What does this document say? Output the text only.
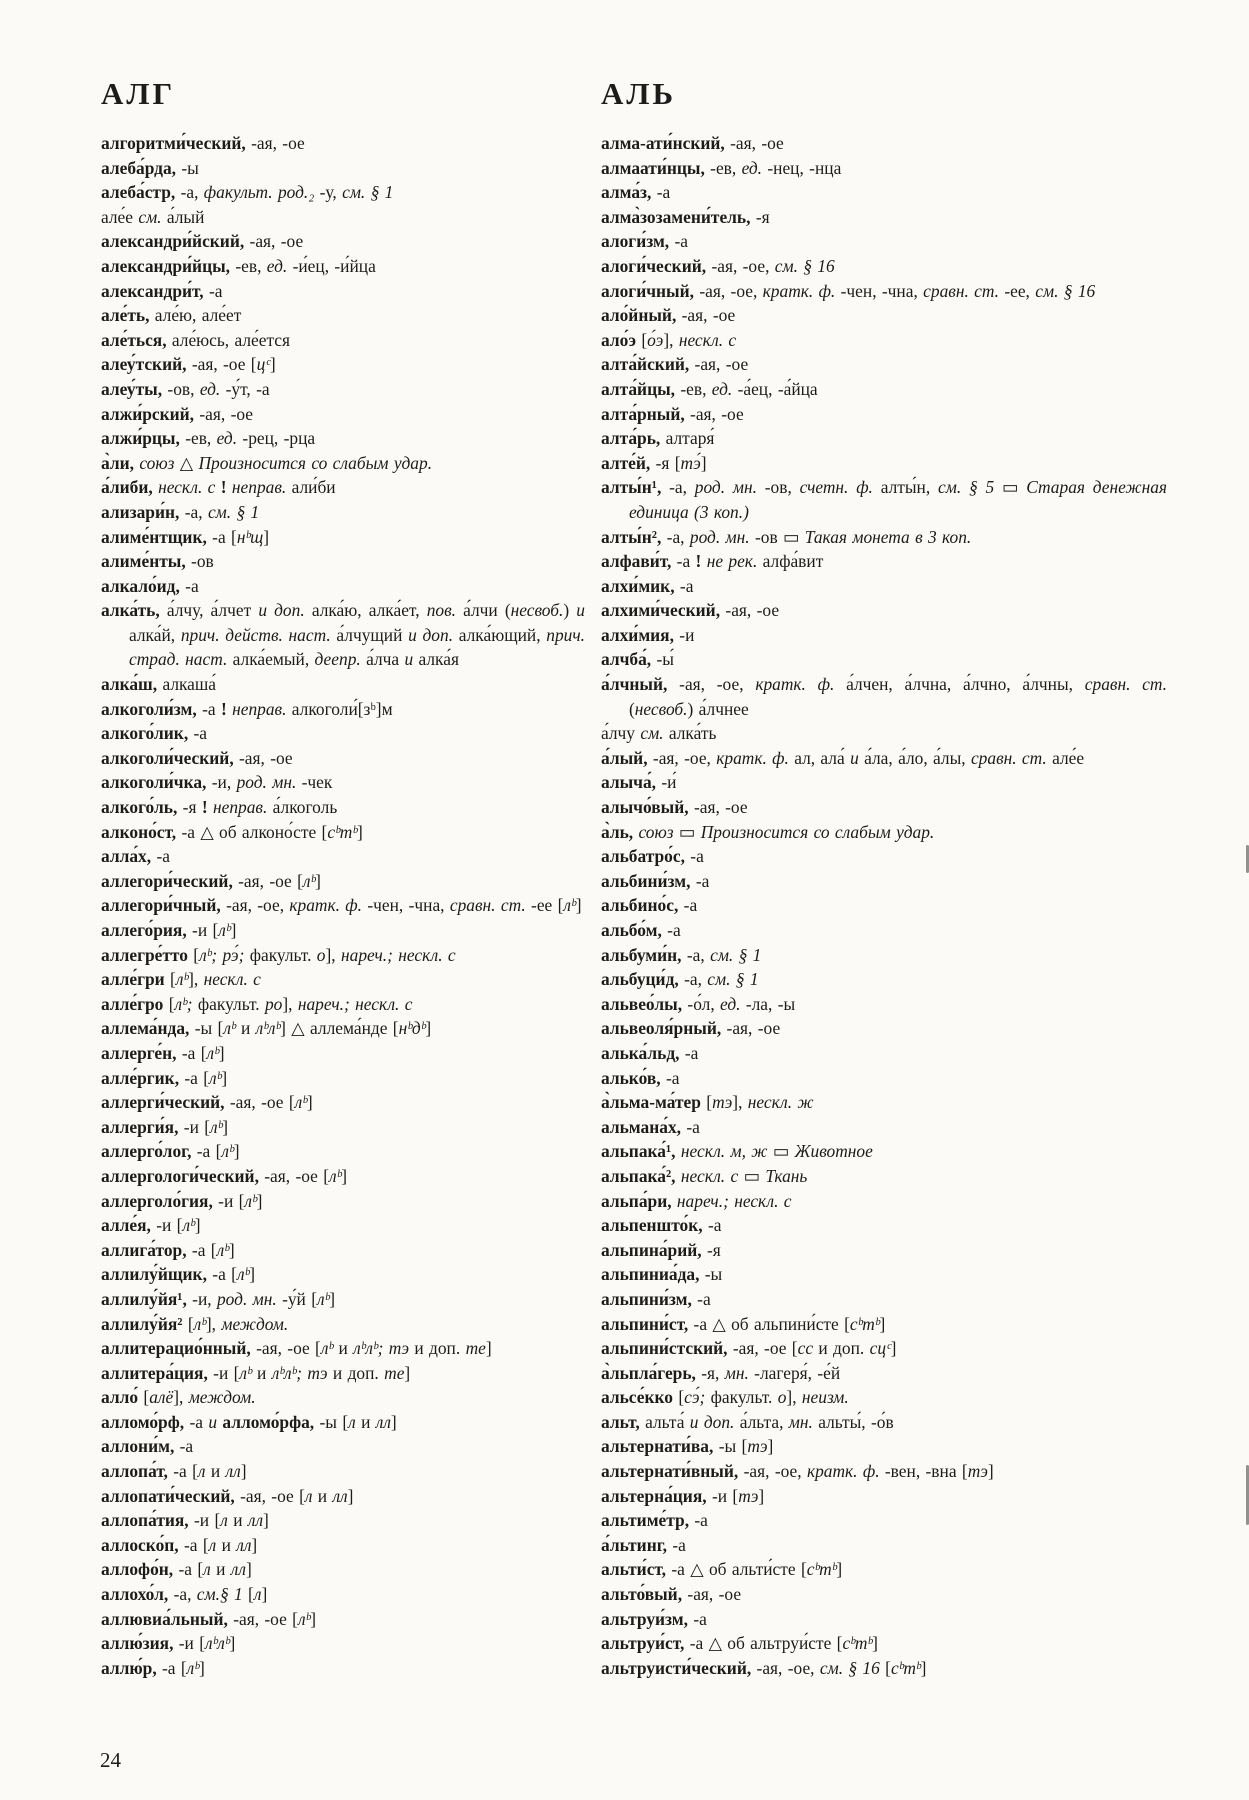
АЛГ	АЛЬ
алгоритми́ческий, -ая, -ое
алеба́рда, -ы
алеба́стр, -а, факульт. род.₂ -у, см. § 1
але́е см. а́лый
александри́йский, -ая, -ое
александри́йцы, -ев, ед. -и́ец, -и́йца
александри́т, -а
але́ть, але́ю, але́ет
але́ться, але́юсь, але́ется
алеу́тский, -ая, -ое [цᶜ]
алеу́ты, -ов, ед. -у́т, -а
алжи́рский, -ая, -ое
алжи́рцы, -ев, ед. -рец, -рца
а̀ли, союз △ Произносится со слабым удар.
а́либи, нескл. с ! неправ. али́би
ализари́н, -а, см. § 1
алиме́нтщик, -а [нᵇщ]
алиме́нты, -ов
алкало́ид, -а
алка́ть, а́лчу, а́лчет и доп. алка́ю, алка́ет, пов. а́лчи (несвоб.) и алка́й, прич. действ. наст. а́лчущий и доп. алка́ющий, прич. страд. наст. алка́емый, деепр. а́лча и алка́я
алка́ш, алкаша́
алкоголи́зм, -а ! неправ. алкоголи́[зᵇ]м
алкого́лик, -а
алкоголи́ческий, -ая, -ое
алкоголи́чка, -и, род. мн. -чек
алкого́ль, -я ! неправ. а́лкоголь
алконо́ст, -а △ об алконо́сте [сᵇтᵇ]
алла́х, -а
аллегори́ческий, -ая, -ое [лᵇ]
аллегори́чный, -ая, -ое, кратк. ф. -чен, -чна, сравн. ст. -ее [лᵇ]
аллего́рия, -и [лᵇ]
аллегре́тто [лᵇ; рэ́; факульт. о], нареч.; нескл. с
алле́гри [лᵇ], нескл. с
алле́гро [лᵇ; факульт. ро], нареч.; нескл. с
аллема́нда, -ы [лᵇ и лᵇлᵇ] △ аллема́нде [нᵇдᵇ]
аллерге́н, -а [лᵇ]
алле́ргик, -а [лᵇ]
аллерги́ческий, -ая, -ое [лᵇ]
аллерги́я, -и [лᵇ]
аллерго́лог, -а [лᵇ]
аллергологи́ческий, -ая, -ое [лᵇ]
аллерголо́гия, -и [лᵇ]
алле́я, -и [лᵇ]
аллига́тор, -а [лᵇ]
аллилу́йщик, -а [лᵇ]
аллилу́йя¹, -и, род. мн. -у́й [лᵇ]
аллилу́йя² [лᵇ], междом.
аллитерацио́нный, -ая, -ое [лᵇ и лᵇлᵇ; тэ и доп. те]
аллитера́ция, -и [лᵇ и лᵇлᵇ; тэ и доп. те]
алло́ [алё], междом.
алломо́рф, -а и алломо́рфа, -ы [л и лл]
аллони́м, -а
аллопа́т, -а [л и лл]
аллопати́ческий, -ая, -ое [л и лл]
аллопа́тия, -и [л и лл]
аллоско́п, -а [л и лл]
аллофо́н, -а [л и лл]
аллохо́л, -а, см.§ 1 [л]
аллювиа́льный, -ая, -ое [лᵇ]
аллю́зия, -и [лᵇлᵇ]
аллю́р, -а [лᵇ]
алма-ати́нский, -ая, -ое
алмаати́нцы, -ев, ед. -нец, -нца
алма́з, -а
алма̀зозамени́тель, -я
алоги́зм, -а
алоги́ческий, -ая, -ое, см. § 16
алоги́чный, -ая, -ое, кратк. ф. -чен, -чна, сравн. ст. -ее, см. § 16
ало́йный, -ая, -ое
ало́э [о́э], нескл. с
алта́йский, -ая, -ое
алта́йцы, -ев, ед. -а́ец, -а́йца
алта́рный, -ая, -ое
алта́рь, алтаря́
алте́й, -я [тэ́]
алты́н¹, -а, род. мн. -ов, счетн. ф. алты́н, см. § 5 ▭ Старая денежная единица (3 коп.)
алты́н², -а, род. мн. -ов ▭ Такая монета в 3 коп.
алфави́т, -а ! не рек. алфа́вит
алхи́мик, -а
алхими́ческий, -ая, -ое
алхи́мия, -и
алчба́, -ы́
а́лчный, -ая, -ое, кратк. ф. а́лчен, а́лчна, а́лчно, а́лчны, сравн. ст. (несвоб.) а́лчнее
а́лчу см. алка́ть
а́лый, -ая, -ое, кратк. ф. ал, ала́ и а́ла, а́ло, а́лы, сравн. ст. але́е
алыча́, -и́
алычо́вый, -ая, -ое
а̀ль, союз ▭ Произносится со слабым удар.
альбатро́с, -а
альбини́зм, -а
альбино́с, -а
альбо́м, -а
альбуми́н, -а, см. § 1
альбуци́д, -а, см. § 1
альвео́лы, -о́л, ед. -ла, -ы
альвеоля́рный, -ая, -ое
алька́льд, -а
алько́в, -а
а̀льма-ма́тер [тэ], нескл. ж
альмана́х, -а
альпака́¹, нескл. м, ж ▭ Животное
альпака́², нескл. с ▭ Ткань
альпа́ри, нареч.; нескл. с
альпеншто́к, -а
альпина́рий, -я
альпиниа́да, -ы
альпини́зм, -а
альпини́ст, -а △ об альпини́сте [сᵇтᵇ]
альпини́стский, -ая, -ое [сс и доп. сцᶜ]
а̀льпла́герь, -я, мн. -лагеря́, -е́й
альсе́кко [сэ́; факульт. о], неизм.
альт, альта́ и доп. а́льта, мн. альты́, -о́в
альтернати́ва, -ы [тэ]
альтернати́вный, -ая, -ое, кратк. ф. -вен, -вна [тэ]
альтерна́ция, -и [тэ]
альтиме́тр, -а
а́льтинг, -а
альти́ст, -а △ об альти́сте [сᵇтᵇ]
альто́вый, -ая, -ое
альтруи́зм, -а
альтруи́ст, -а △ об альтруи́сте [сᵇтᵇ]
альтруисти́ческий, -ая, -ое, см. § 16 [сᵇтᵇ]
24
